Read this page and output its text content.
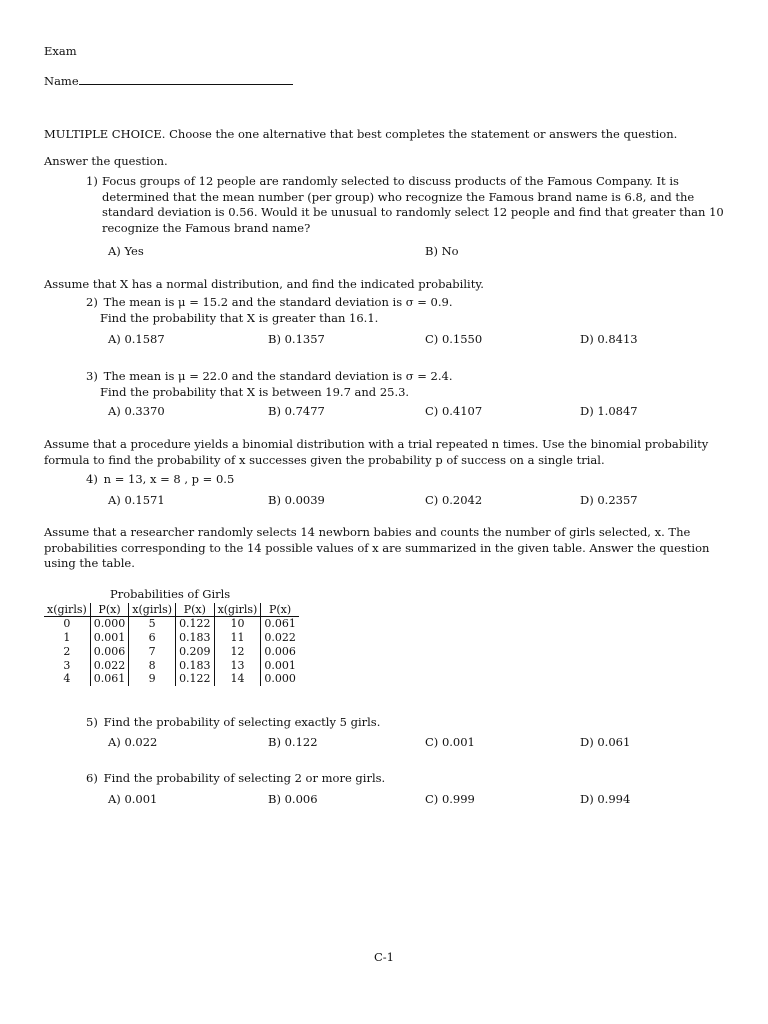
Exam
Name
MULTIPLE CHOICE. Choose the one alternative that best completes the statement or answers the question.
Answer the question.
1) Focus groups of 12 people are randomly selected to discuss products of the Famous Company. It is determined that the mean number (per group) who recognize the Famous brand name is 6.8, and the standard deviation is 0.56. Would it be unusual to randomly select 12 people and find that greater than 10 recognize the Famous brand name?
A) Yes	B) No
Assume that X has a normal distribution, and find the indicated probability.
2) The mean is μ = 15.2 and the standard deviation is σ = 0.9.
Find the probability that X is greater than 16.1.
A) 0.1587	B) 0.1357	C) 0.1550	D) 0.8413
3) The mean is μ = 22.0 and the standard deviation is σ = 2.4.
Find the probability that X is between 19.7 and 25.3.
A) 0.3370	B) 0.7477	C) 0.4107	D) 1.0847
Assume that a procedure yields a binomial distribution with a trial repeated n times. Use the binomial probability formula to find the probability of x successes given the probability p of success on a single trial.
4) n = 13, x = 8 , p = 0.5
A) 0.1571	B) 0.0039	C) 0.2042	D) 0.2357
Assume that a researcher randomly selects 14 newborn babies and counts the number of girls selected, x. The probabilities corresponding to the 14 possible values of x are summarized in the given table. Answer the question using the table.
Probabilities of Girls
x(girls)	P(x)	x(girls)	P(x)	x(girls)	P(x)
0	0.000	5	0.122	10	0.061
1	0.001	6	0.183	11	0.022
2	0.006	7	0.209	12	0.006
3	0.022	8	0.183	13	0.001
4	0.061	9	0.122	14	0.000
5) Find the probability of selecting exactly 5 girls.
A) 0.022	B) 0.122	C) 0.001	D) 0.061
6) Find the probability of selecting 2 or more girls.
A) 0.001	B) 0.006	C) 0.999	D) 0.994
C-1
